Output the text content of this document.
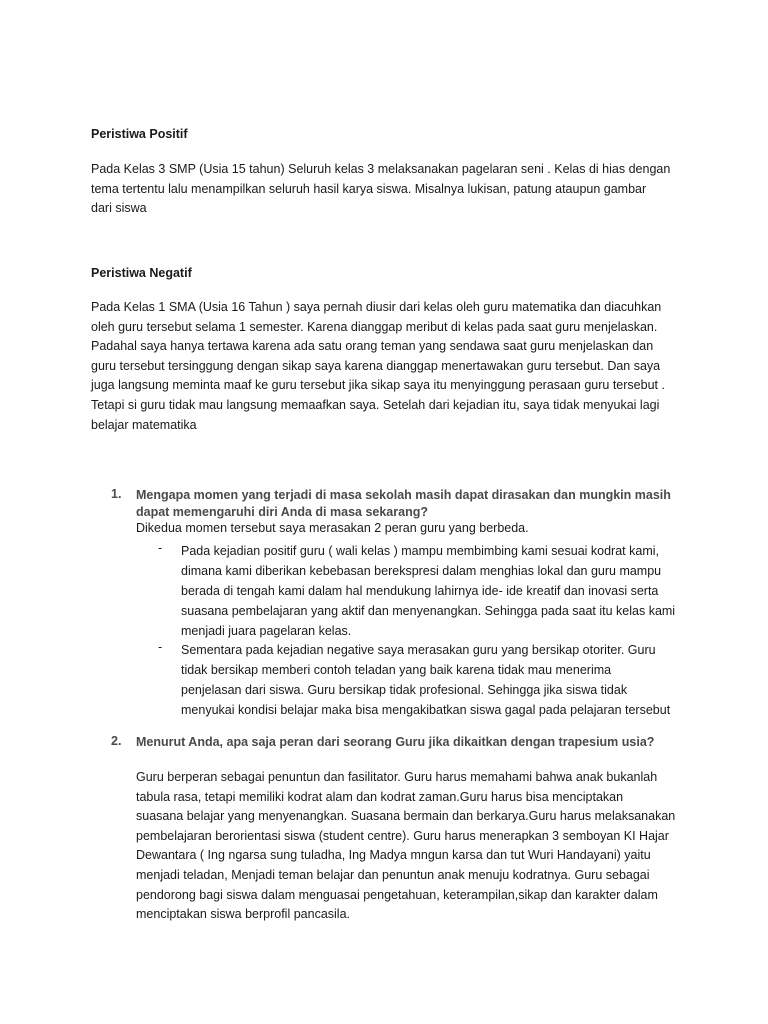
Peristiwa Positif
Pada Kelas 3 SMP (Usia 15 tahun) Seluruh kelas 3 melaksanakan pagelaran seni . Kelas di hias dengan
tema tertentu lalu menampilkan seluruh hasil karya siswa. Misalnya lukisan, patung ataupun gambar
dari siswa
Peristiwa Negatif
Pada Kelas 1 SMA (Usia 16 Tahun ) saya pernah diusir dari kelas oleh guru matematika dan diacuhkan
oleh guru tersebut selama 1 semester. Karena dianggap meribut di kelas pada saat guru menjelaskan.
Padahal saya hanya tertawa karena ada satu orang teman yang sendawa saat guru menjelaskan dan
guru tersebut tersinggung dengan sikap saya karena dianggap menertawakan guru tersebut. Dan saya
juga langsung meminta maaf ke guru tersebut jika sikap saya itu menyinggung perasaan guru tersebut .
Tetapi si guru tidak mau langsung memaafkan saya. Setelah dari kejadian itu, saya tidak menyukai lagi
belajar matematika
1. Mengapa momen yang terjadi di masa sekolah masih dapat dirasakan dan mungkin masih
dapat memengaruhi diri Anda di masa sekarang?
Dikedua momen tersebut saya merasakan 2 peran guru yang berbeda.
- Pada kejadian positif guru ( wali kelas ) mampu membimbing kami sesuai kodrat kami,
dimana kami diberikan kebebasan berekspresi dalam menghias lokal dan guru mampu
berada di tengah kami dalam hal mendukung lahirnya ide- ide kreatif dan inovasi serta
suasana pembelajaran yang aktif dan menyenangkan. Sehingga pada saat itu kelas kami
menjadi juara pagelaran kelas.
- Sementara pada kejadian negative saya merasakan guru yang bersikap otoriter. Guru
tidak bersikap memberi contoh teladan yang baik karena tidak mau menerima
penjelasan dari siswa. Guru bersikap tidak profesional. Sehingga jika siswa tidak
menyukai kondisi belajar maka bisa mengakibatkan siswa gagal pada pelajaran tersebut
2. Menurut Anda, apa saja peran dari seorang Guru jika dikaitkan dengan trapesium usia?
Guru berperan sebagai penuntun dan fasilitator. Guru harus memahami bahwa anak bukanlah
tabula rasa, tetapi memiliki kodrat alam dan kodrat zaman.Guru harus bisa menciptakan
suasana belajar yang menyenangkan. Suasana bermain dan berkarya.Guru harus melaksanakan
pembelajaran berorientasi siswa (student centre). Guru harus menerapkan 3 semboyan KI Hajar
Dewantara ( Ing ngarsa sung tuladha, Ing Madya mngun karsa dan tut Wuri Handayani) yaitu
menjadi teladan, Menjadi teman belajar dan penuntun anak menuju kodratnya. Guru sebagai
pendorong bagi siswa dalam menguasai pengetahuan, keterampilan,sikap dan karakter dalam
menciptakan siswa berprofil pancasila.
